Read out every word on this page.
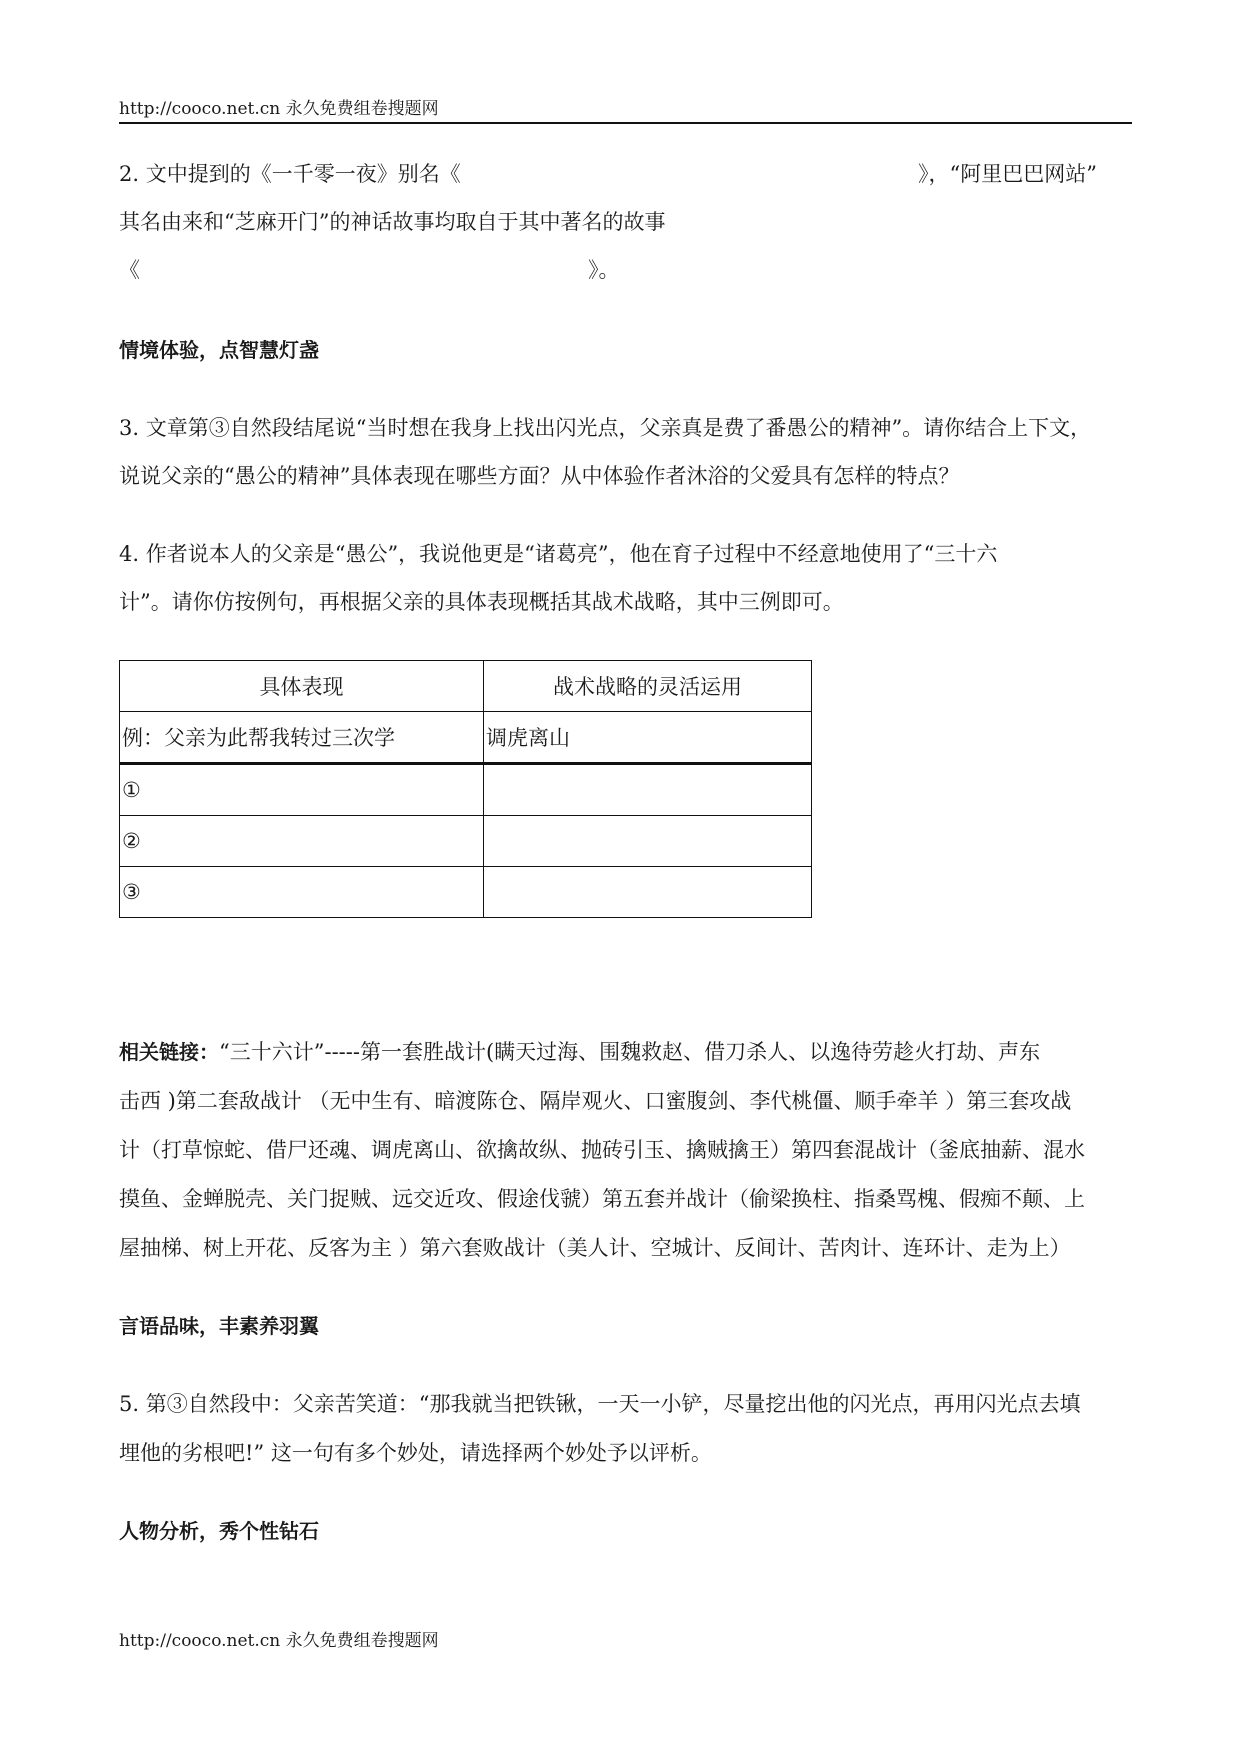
http://cooco.net.cn 永久免费组卷搜题网
2. 文中提到的《一千零一夜》别名《	》，“阿里巴巴网站”
其名由来和“芝麻开门”的神话故事均取自于其中著名的故事
《	》。
情境体验，点智慧灯盏
3. 文章第③自然段结尾说“当时想在我身上找出闪光点，父亲真是费了番愚公的精神”。请你结合上下文，
说说父亲的“愚公的精神”具体表现在哪些方面？从中体验作者沐浴的父爱具有怎样的特点？
4. 作者说本人的父亲是“愚公”，我说他更是“诸葛亮”，他在育子过程中不经意地使用了“三十六
计”。请你仿按例句，再根据父亲的具体表现概括其战术战略，其中三例即可。
具体表现	战术战略的灵活运用
例：父亲为此帮我转过三次学	调虎离山
①	
②	
③	
相关链接：“三十六计”-----第一套胜战计(瞒天过海、围魏救赵、借刀杀人、以逸待劳趁火打劫、声东
击西 )第二套敌战计 （无中生有、暗渡陈仓、隔岸观火、口蜜腹剑、李代桃僵、顺手牵羊 ）第三套攻战
计（打草惊蛇、借尸还魂、调虎离山、欲擒故纵、抛砖引玉、擒贼擒王）第四套混战计（釜底抽薪、混水
摸鱼、金蝉脱壳、关门捉贼、远交近攻、假途伐虢）第五套并战计（偷梁换柱、指桑骂槐、假痴不颠、上
屋抽梯、树上开花、反客为主 ）第六套败战计（美人计、空城计、反间计、苦肉计、连环计、走为上）
言语品味，丰素养羽翼
5. 第③自然段中：父亲苦笑道：“那我就当把铁锹，一天一小铲，尽量挖出他的闪光点，再用闪光点去填
埋他的劣根吧!” 这一句有多个妙处，请选择两个妙处予以评析。
人物分析，秀个性钻石
http://cooco.net.cn 永久免费组卷搜题网
